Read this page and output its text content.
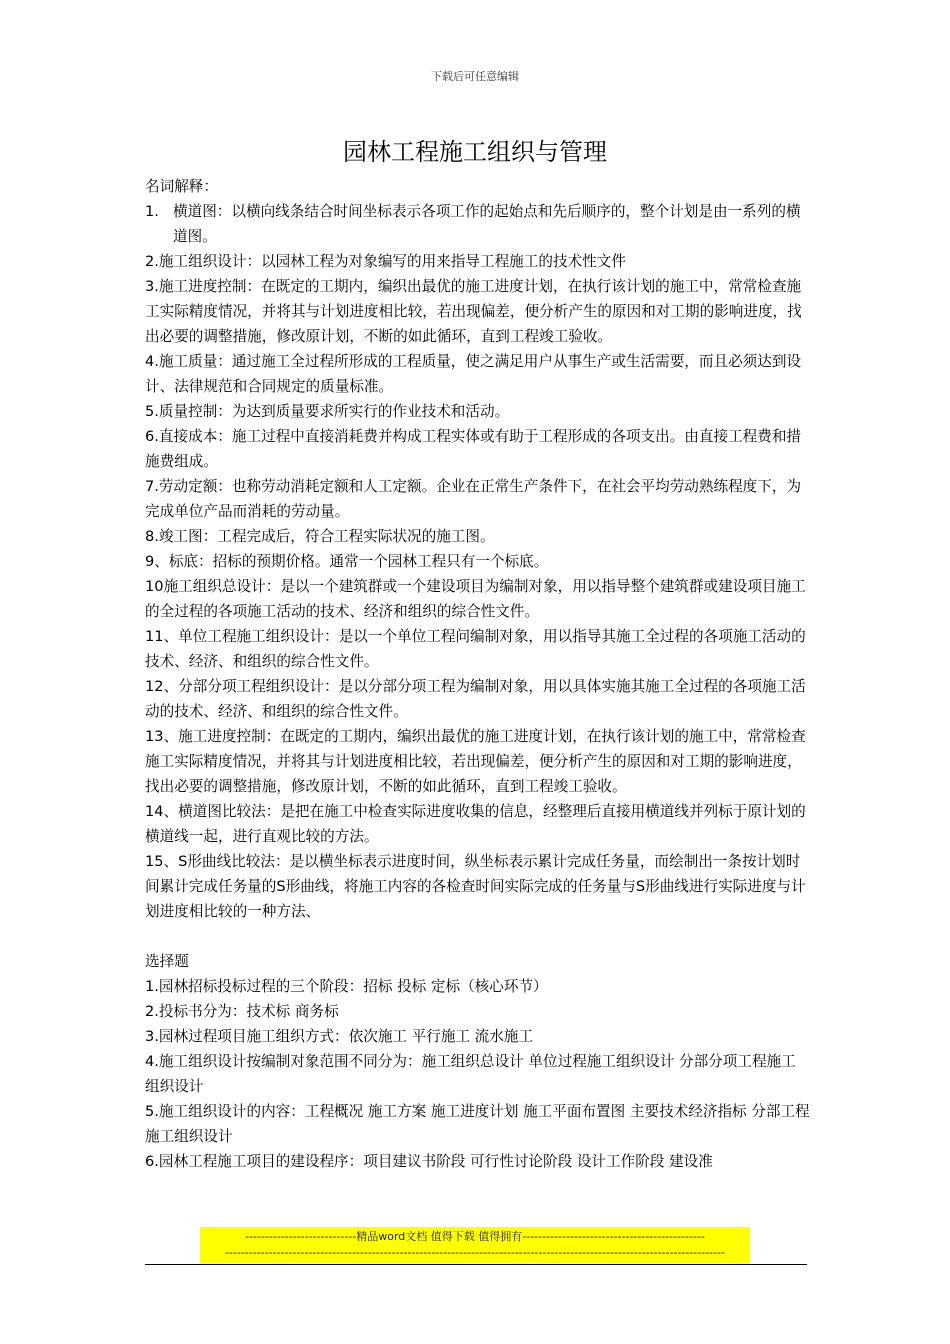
下载后可任意编辑
园林工程施工组织与管理

名词解释：

1. 横道图：以横向线条结合时间坐标表示各项工作的起始点和先后顺序的，整个计划是由一系列的横道图。

2.施工组织设计：以园林工程为对象编写的用来指导工程施工的技术性文件

3.施工进度控制：在既定的工期内，编织出最优的施工进度计划，在执行该计划的施工中，常常检查施工实际精度情况，并将其与计划进度相比较，若出现偏差，便分析产生的原因和对工期的影响进度，找出必要的调整措施，修改原计划，不断的如此循环，直到工程竣工验收。

4.施工质量：通过施工全过程所形成的工程质量，使之满足用户从事生产或生活需要，而且必须达到设计、法律规范和合同规定的质量标准。

5.质量控制：为达到质量要求所实行的作业技术和活动。

6.直接成本：施工过程中直接消耗费并构成工程实体或有助于工程形成的各项支出。由直接工程费和措施费组成。

7.劳动定额：也称劳动消耗定额和人工定额。企业在正常生产条件下，在社会平均劳动熟练程度下，为完成单位产品而消耗的劳动量。

8.竣工图：工程完成后，符合工程实际状况的施工图。

9、标底：招标的预期价格。通常一个园林工程只有一个标底。

10施工组织总设计：是以一个建筑群或一个建设项目为编制对象，用以指导整个建筑群或建设项目施工的全过程的各项施工活动的技术、经济和组织的综合性文件。

11、单位工程施工组织设计：是以一个单位工程问编制对象，用以指导其施工全过程的各项施工活动的技术、经济、和组织的综合性文件。

12、分部分项工程组织设计：是以分部分项工程为编制对象，用以具体实施其施工全过程的各项施工活动的技术、经济、和组织的综合性文件。

13、施工进度控制：在既定的工期内，编织出最优的施工进度计划，在执行该计划的施工中，常常检查施工实际精度情况，并将其与计划进度相比较，若出现偏差，便分析产生的原因和对工期的影响进度，找出必要的调整措施，修改原计划，不断的如此循环，直到工程竣工验收。

14、横道图比较法：是把在施工中检查实际进度收集的信息，经整理后直接用横道线并列标于原计划的横道线一起，进行直观比较的方法。

15、S形曲线比较法：是以横坐标表示进度时间，纵坐标表示累计完成任务量，而绘制出一条按计划时间累计完成任务量的S形曲线，将施工内容的各检查时间实际完成的任务量与S形曲线进行实际进度与计划进度相比较的一种方法、

选择题

1.园林招标投标过程的三个阶段：招标 投标 定标（核心环节）

2.投标书分为：技术标 商务标

3.园林过程项目施工组织方式：依次施工 平行施工 流水施工

4.施工组织设计按编制对象范围不同分为：施工组织总设计 单位过程施工组织设计 分部分项工程施工组织设计

5.施工组织设计的内容：工程概况 施工方案 施工进度计划 施工平面布置图 主要技术经济指标 分部工程施工组织设计

6.园林工程施工项目的建设程序：项目建议书阶段 可行性讨论阶段 设计工作阶段 建设准

----------------------------精品word文档 值得下载 值得拥有----------------------------------------------
------------------------------------------------------------------------------------------------------------------------------
